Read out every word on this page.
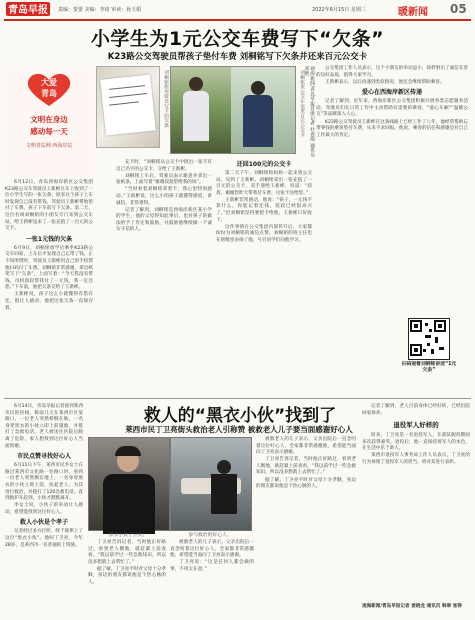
青岛早报 责编：贺蕾 美编：李琦 审读：孙玉娟	2022年6月15日 星期三	暖新闻 05
小学生为1元公交车费写下“欠条”
K23路公交驾驶员帮孩子垫付车费 刘桐铭写下欠条并还来百元公交卡
大爱
青岛
文明在身边
感动每一天
文明青岛网·西海岸站
刘桐铭给驾驶员写下的欠条	刘桐铭来公交车送来百元公交卡	观海新闻/青岛早报首席记者 杜春霞 通讯员 邓艳

6月12日，青岛西海岸新区公交集团K23路公交车驾驶员王新彬在车上收到了一位小学生写的一张欠条，原来这个孩子上车时发现自己没有带钱，驾驶员王新彬帮他垫付了车费。孩子下车前写下欠条。第二天，这位名叫刘桐铭的小朋友专门来到公交车站，给王新彬送来了一张充值了一百元的公交卡。

一张1元钱的欠条

6月9日，刘桐铭放学后乘坐K23路公交车回家，上车后才发现自己忘带了钱，正不知所措时，驾驶员王新彬用自己的手机帮他扫码付了车费。刘桐铭非常感谢，拿出纸笔写下“欠条”，上面写着：“今天我没有带钱，司机叔叔帮我付了一元钱，我一定还您。”下车前，他把欠条交给了王新彬。

王新彬说，孩子这么小就懂得有借有还，很让人感动，他把这张欠条一直保存着。

充卡时，“刘桐铭从公交卡中挑出一张写有自己名字的公交卡，交给了王新彬。

刘桐铭上车后，驾驶员表示谢意并拿出一张纸条，上面写着“谢谢叔叔借给我的钱”。

“当时看着刘桐铭拿着卡，我心里特别感动。”王新彬说，这么小的孩子就懂得感恩，讲诚信，非常难得。

记者了解到，刘桐铭是西海岸新区某小学的学生，他的父母得知此事后，也对孩子的做法给予了肯定和鼓励，并鼓励他继续做一个诚实守信的人。

还回100元的公交卡

第二天下午，刘桐铭和妈妈一起来到公交站，见到了王新彬。刘桐铭拿出一张充值了一百元的公交卡，双手递给王新彬，说道：“叔叔，谢谢您昨天帮我付车费，这张卡送给您。”

王新彬非常感动，他说：“孩子，一元钱不算什么，你能记着还钱，叔叔已经很高兴了。”但刘桐铭坚持要把卡给他，王新彬只好收下。

这件事情在公交集团内部传开后，大家都纷纷为刘桐铭的诚信点赞。刘桐铭的班主任也在班级里表扬了他，号召同学们向他学习。

公交集团工作人员表示，这个小朋友的举动虽小，却折射出了诚信友善的良好品质，值得大家学习。

王新彬表示，以后再遇到类似情况，他还会继续帮助乘客。

爱心在西海岸新区传递

记者了解到，近年来，西海岸新区公交集团积极开展各类志愿服务活动，驾驶员们在日常工作中主动帮助有需要的乘客，“爱心车厢”“温暖公交”等品牌深入人心。

K23路公交驾驶员王新彬在这条线路上已经工作了八年，他经常帮助忘带零钱的乘客垫付车费，从来不求回报。他说，乘客的信任和感谢是对自己工作最大的肯定。

扫码观看刘桐铭讲述“1元欠条”
救人的“黑衣小伙”找到了
莱西市民丁卫亮街头救治老人引称赞 被救老人儿子要当面感谢好心人

6月14日，青岛早报记者接到莱西市民的热线，称前几天在莱西市区某路口，一位老人突然晕倒在地，一名身穿黑衣的小伙立即上前施救，并拨打了急救电话。老人被送往医院后脱离了危险，家人想找到这位好心人当面致谢。

市民点赞寻找好心人

6月11日下午，莱西市民李女士在路过莱西市文化路一处路口时，看到一位老人突然倒在地上，一名身穿黑衣的小伙立即上前，扶起老人，为其进行救治，并拨打了120急救电话。直到救护车赶到，小伙才默默离开。

李女士说，小伙子的举动让人感动，希望能找到这位好心人。

救人小伙是个孝子

记者经过多方打听，终于联系上了这位“黑衣小伙”。他叫丁卫亮，今年28岁，是莱西市一名普通的上班族。

黑衣小伙丁卫亮。	参与救治的好心人。

丁卫亮告诉记者，当时他正好路过，看到老人倒地，就赶紧上前查看。“我以前学过一些急救知识，所以没多想就上去帮忙了。”

据了解，丁卫亮平时对父母十分孝顺，身边的朋友都说他是个热心肠的人。

被救老人的儿子表示，父亲出院后一直念叨着这位好心人，全家都非常感激他，希望能当面向丁卫亮表示感谢。

丁卫亮说：“这是任何人都会做的事，不用太在意。”

被救老人的儿子表示，父亲出院后一直念叨着这位好心人，全家都非常感激他，希望能当面向丁卫亮表示感谢。

丁卫亮告诉记者，当时他正好路过，看到老人倒地，就赶紧上前查看。“我以前学过一些急救知识，所以没多想就上去帮忙了。”

据了解，丁卫亮平时对父母十分孝顺，身边的朋友都说他是个热心肠的人。

记者了解到，老人目前身体已经好转，已经出院回家休养。

退役军人好样的

原来，丁卫亮是一名退役军人，在部队服役期间多次获得嘉奖。退役后，他一直保持着军人的本色，在生活中乐于助人。

莱西市退役军人事务局工作人员表示，丁卫亮的行为体现了退役军人的担当，将对其进行表彰。

观海新闻/青岛早报记者 姜晓龙 通讯员 韩翠 张铮
